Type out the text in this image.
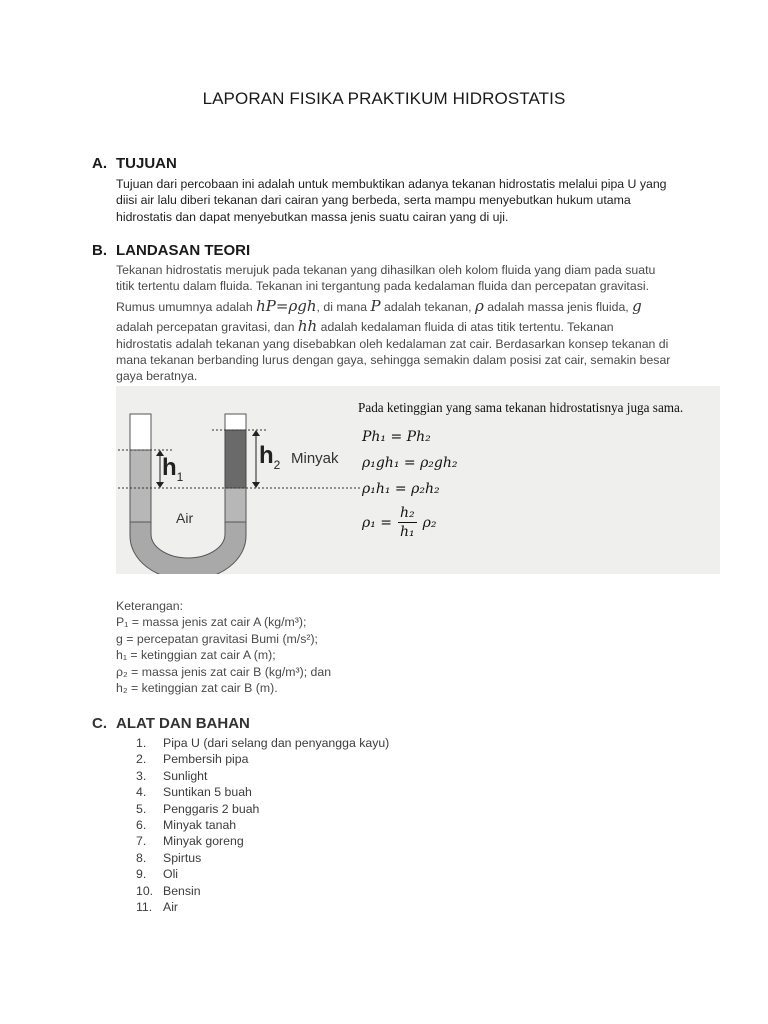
LAPORAN FISIKA PRAKTIKUM HIDROSTATIS
A. TUJUAN
Tujuan dari percobaan ini adalah untuk membuktikan adanya tekanan hidrostatis melalui pipa U yang
diisi air lalu diberi tekanan dari cairan yang berbeda, serta mampu menyebutkan hukum utama
hidrostatis dan dapat menyebutkan massa jenis suatu cairan yang di uji.
B. LANDASAN TEORI
Tekanan hidrostatis merujuk pada tekanan yang dihasilkan oleh kolom fluida yang diam pada suatu
titik tertentu dalam fluida. Tekanan ini tergantung pada kedalaman fluida dan percepatan gravitasi.
Rumus umumnya adalah hP=ρgh, di mana P adalah tekanan, ρ adalah massa jenis fluida, g
adalah percepatan gravitasi, dan hh adalah kedalaman fluida di atas titik tertentu. Tekanan
hidrostatis adalah tekanan yang disebabkan oleh kedalaman zat cair. Berdasarkan konsep tekanan di
mana tekanan berbanding lurus dengan gaya, sehingga semakin dalam posisi zat cair, semakin besar
gaya beratnya.
$h_1$
$h_2$ Minyak
Air
Pada ketinggian yang sama tekanan hidrostatisnya juga sama.
Ph₁ = Ph₂
ρ₁gh₁ = ρ₂gh₂
ρ₁h₁ = ρ₂h₂
$\rho_1 = \frac{\text{h₂}}{\text{h₁}} \rho_2$
Keterangan:
P₁ = massa jenis zat cair A (kg/m³);
g = percepatan gravitasi Bumi (m/s²);
h₁ = ketinggian zat cair A (m);
ρ₂ = massa jenis zat cair B (kg/m³); dan
h₂ = ketinggian zat cair B (m).
C. ALAT DAN BAHAN
1.	Pipa U (dari selang dan penyangga kayu)
2.	Pembersih pipa
3.	Sunlight
4.	Suntikan 5 buah
5.	Penggaris 2 buah
6.	Minyak tanah
7.	Minyak goreng
8.	Spirtus
9.	Oli
10. Bensin
11. Air
